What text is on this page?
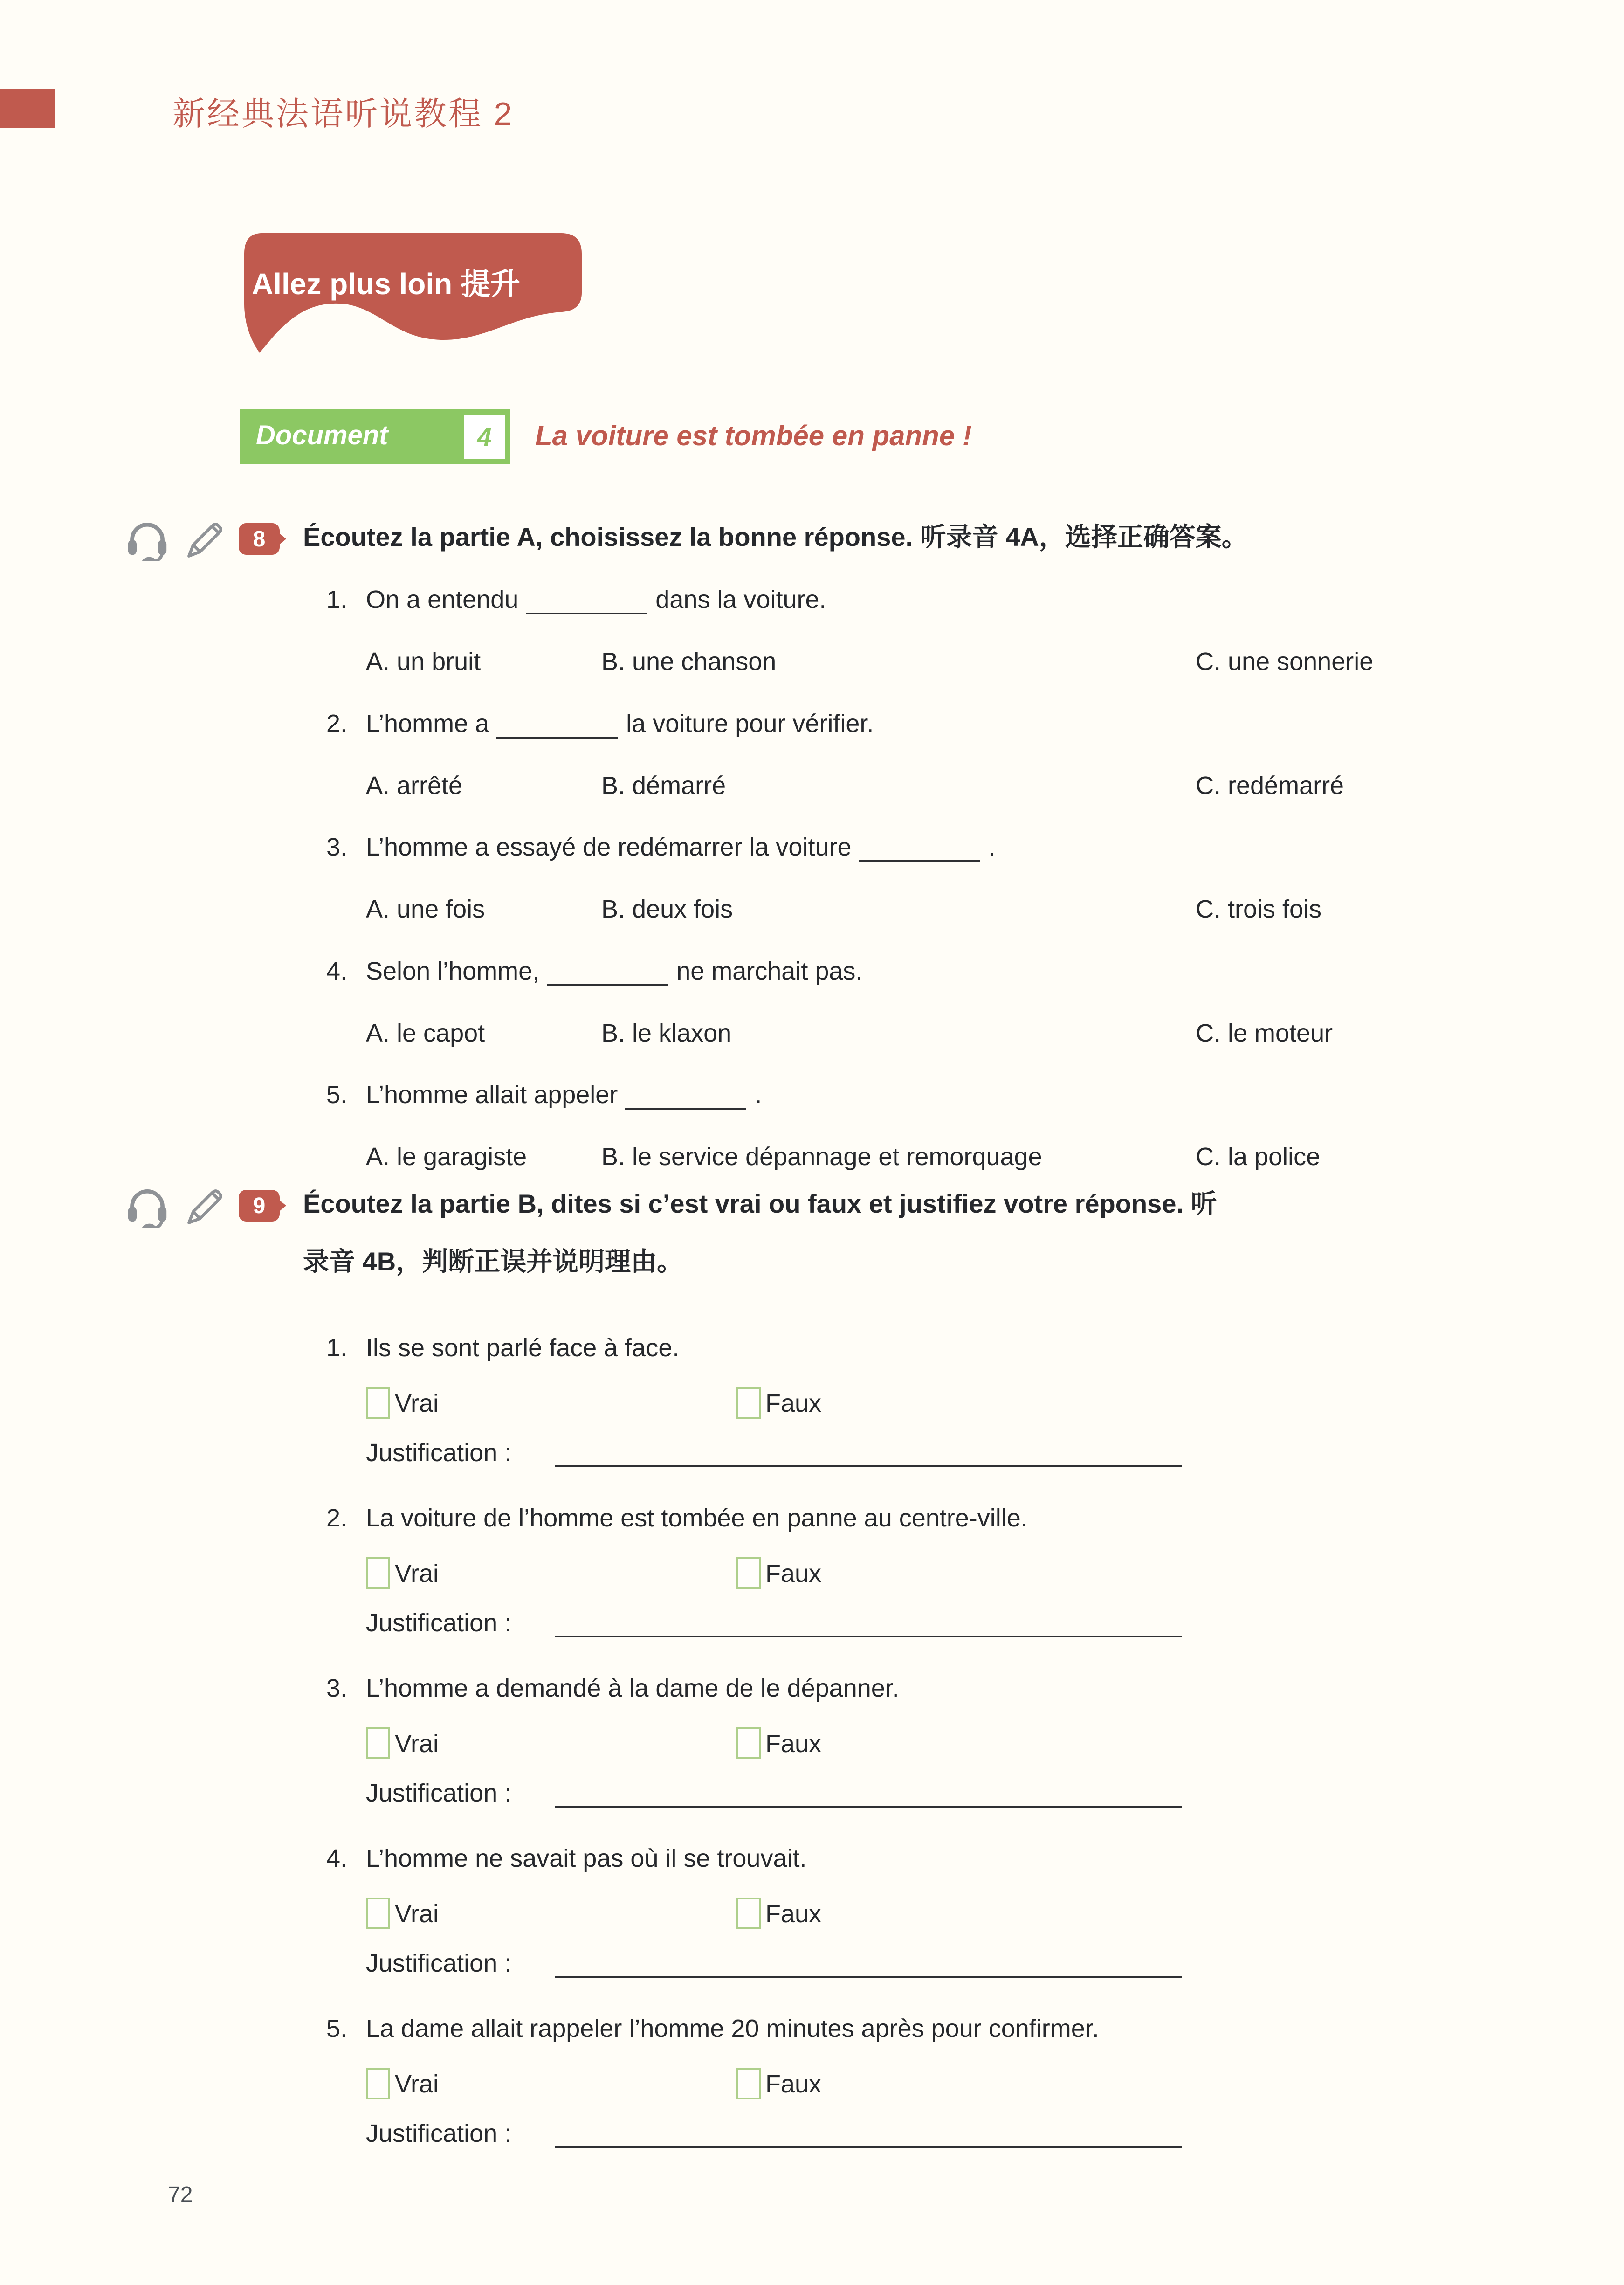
新经典法语听说教程 2
Allez plus loin 提升
Document	4 La voiture est tombée en panne !
8 Écoutez la partie A, choisissez la bonne réponse. 听录音 4A，选择正确答案。
1. On a entendu	dans la voiture.
A. un bruit	B. une chanson	C. une sonnerie
2. L’homme a	la voiture pour vérifier.
A. arrêté	B. démarré	C. redémarré
3. L’homme a essayé de redémarrer la voiture	.
A. une fois	B. deux fois	C. trois fois
4. Selon l’homme,	ne marchait pas.
A. le capot	B. le klaxon	C. le moteur
5. L’homme allait appeler	.
A. le garagiste	B. le service dépannage et remorquage	C. la police
9 Écoutez la partie B, dites si c’est vrai ou faux et justifiez votre réponse. 听
录音 4B，判断正误并说明理由。
1. Ils se sont parlé face à face.
Vrai	Faux
Justification :
2. La voiture de l’homme est tombée en panne au centre-ville.
Vrai	Faux
Justification :
3. L’homme a demandé à la dame de le dépanner.
Vrai	Faux
Justification :
4. L’homme ne savait pas où il se trouvait.
Vrai	Faux
Justification :
5. La dame allait rappeler l’homme 20 minutes après pour confirmer.
Vrai	Faux
Justification :
72
